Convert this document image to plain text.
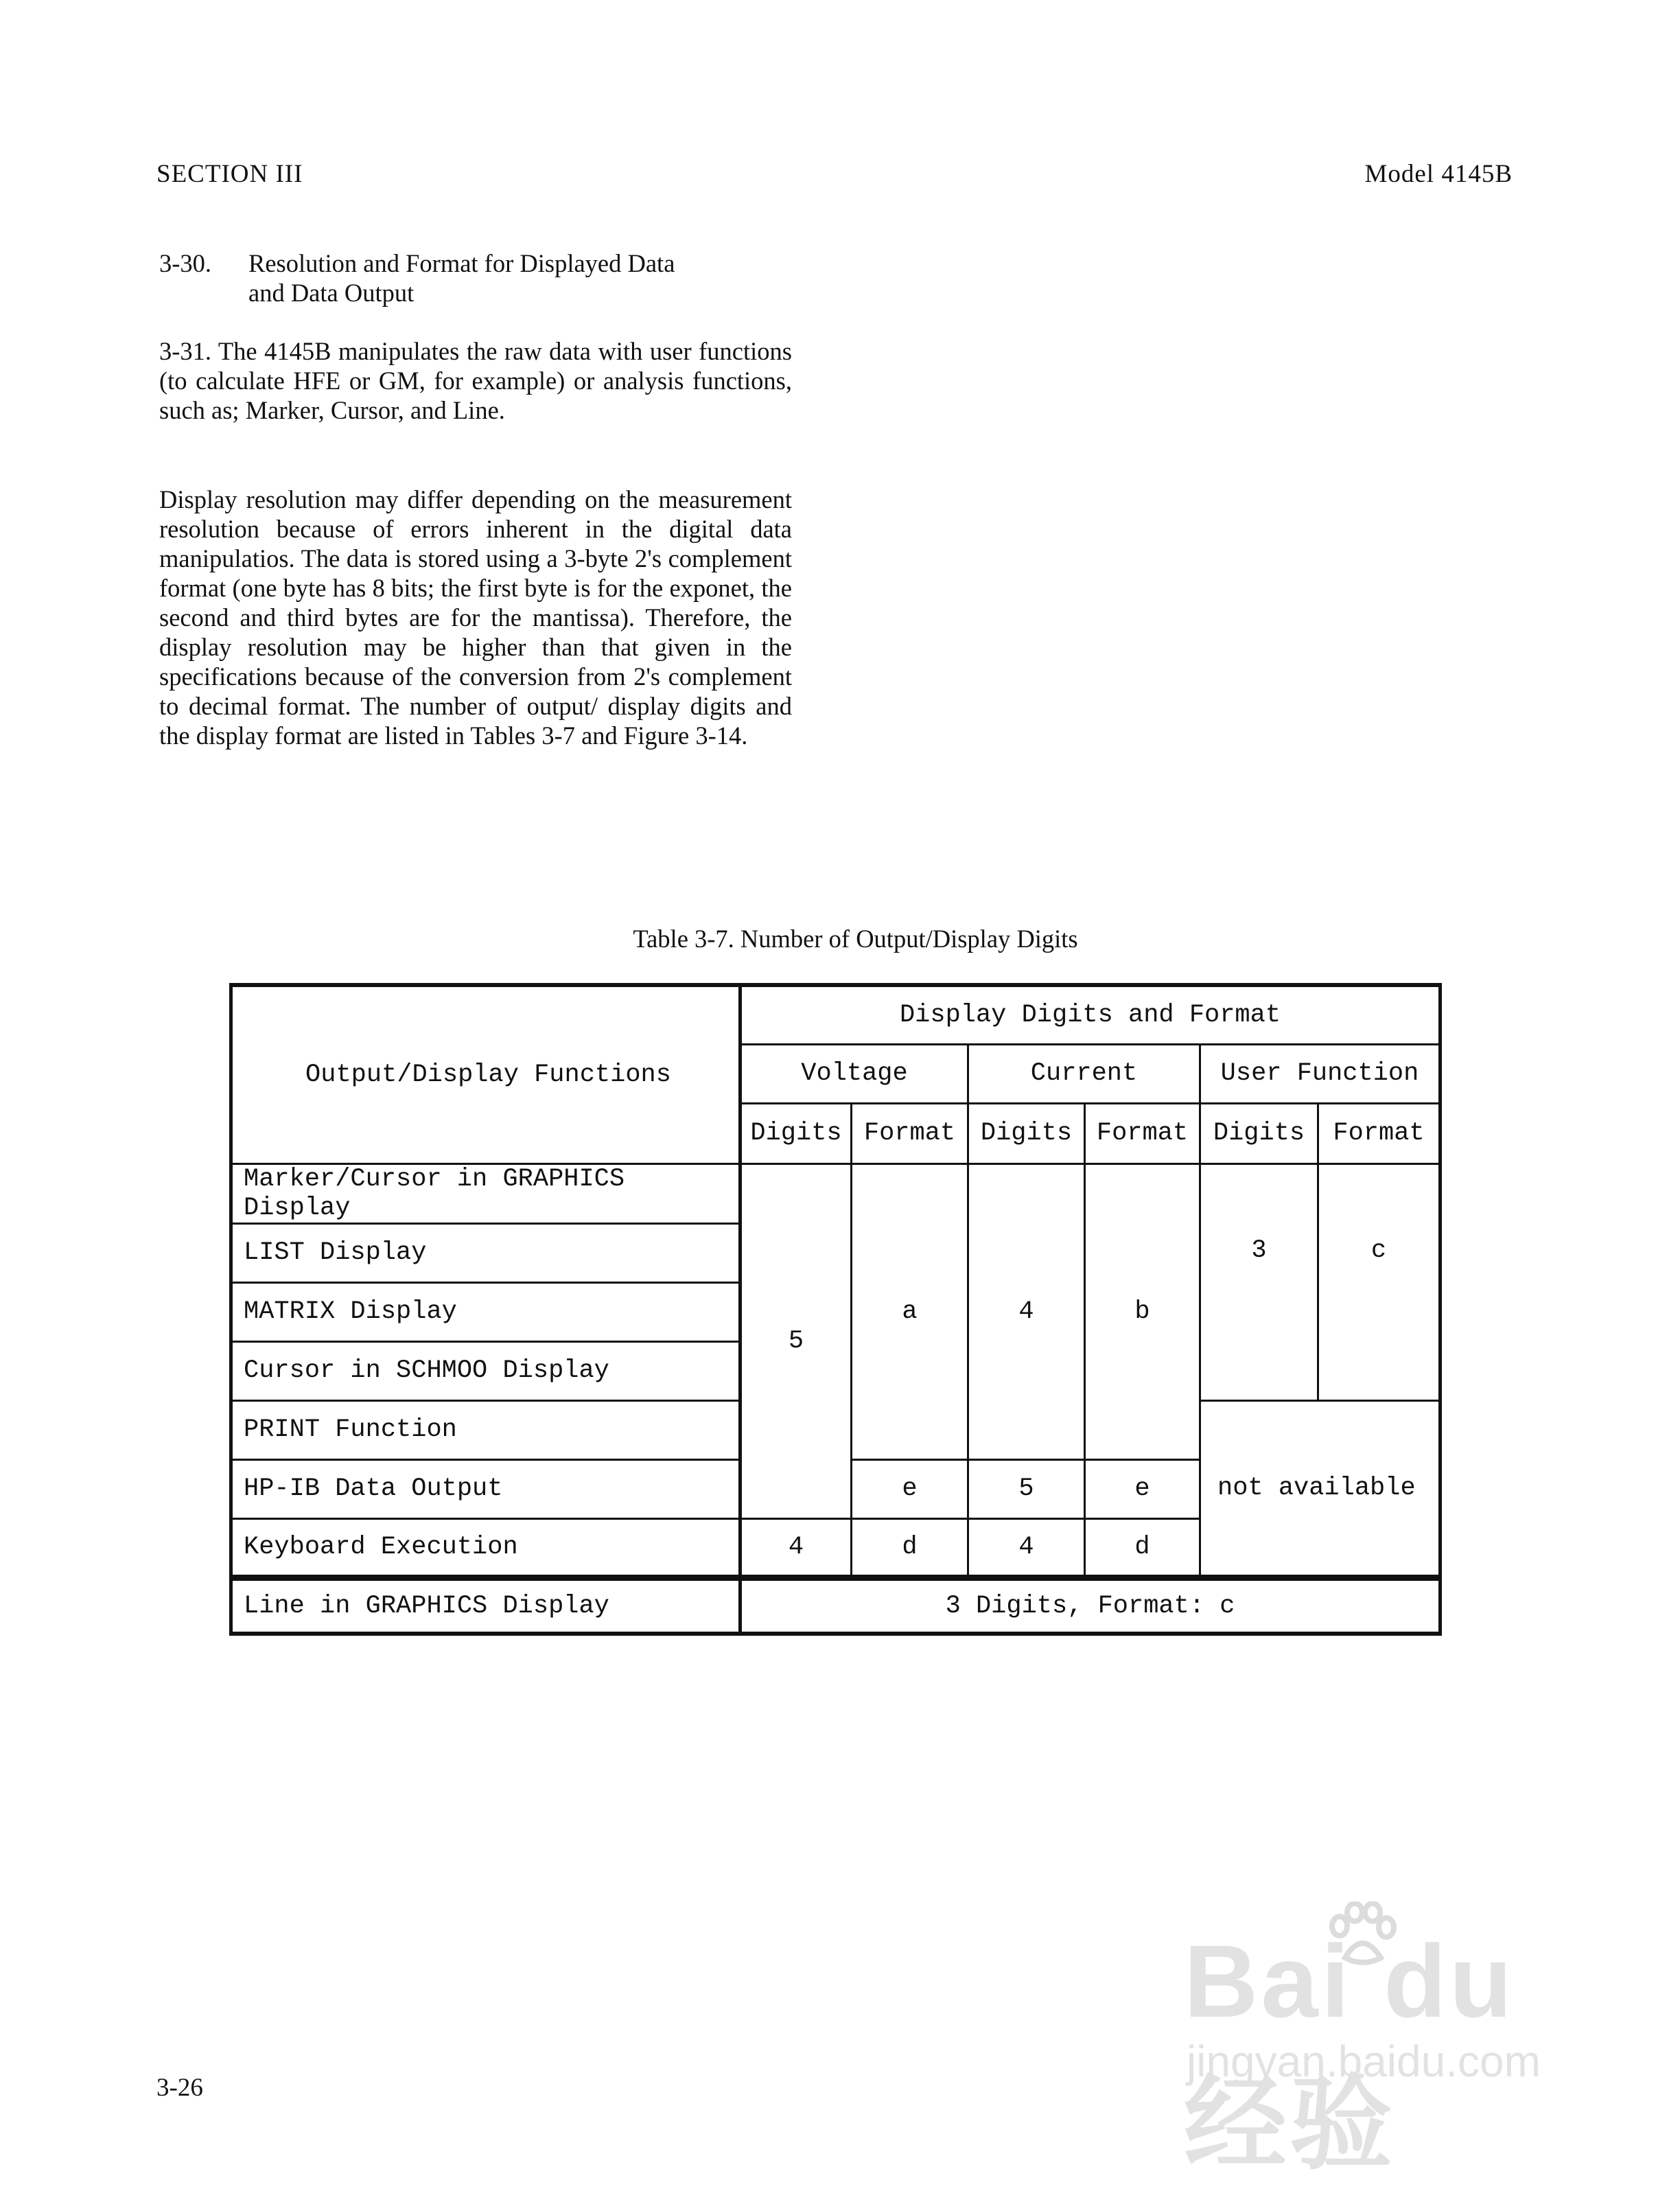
SECTION III	Model 4145B
3-30. Resolution and Format for Displayed Data
and Data Output
3-31. The 4145B manipulates the raw data with user functions (to calculate HFE or GM, for example) or analysis functions, such as; Marker, Cursor, and Line.
Display resolution may differ depending on the measurement resolution because of errors inherent in the digital data manipulatios. The data is stored using a 3-byte 2's complement format (one byte has 8 bits; the first byte is for the exponet, the second and third bytes are for the mantissa). Therefore, the display resolution may be higher than that given in the specifications because of the conversion from 2's complement to decimal format. The number of output/ display digits and the display format are listed in Tables 3-7 and Figure 3-14.
Table 3-7. Number of Output/Display Digits
Output/Display Functions	Display Digits and Format					
	Voltage		Current		User Function	
	Digits	Format	Digits	Format	Digits	Format
Marker/Cursor in GRAPHICS Display	5	a	4	b	3	c
LIST Display						
MATRIX Display						
Cursor in SCHMOO Display						
PRINT Function					not available	
HP-IB Data Output		e	5	e		
Keyboard Execution	4	d	4	d		
Line in GRAPHICS Display	3 Digits, Format: c					
3-26
Bai du 经验
jingyan.baidu.com
